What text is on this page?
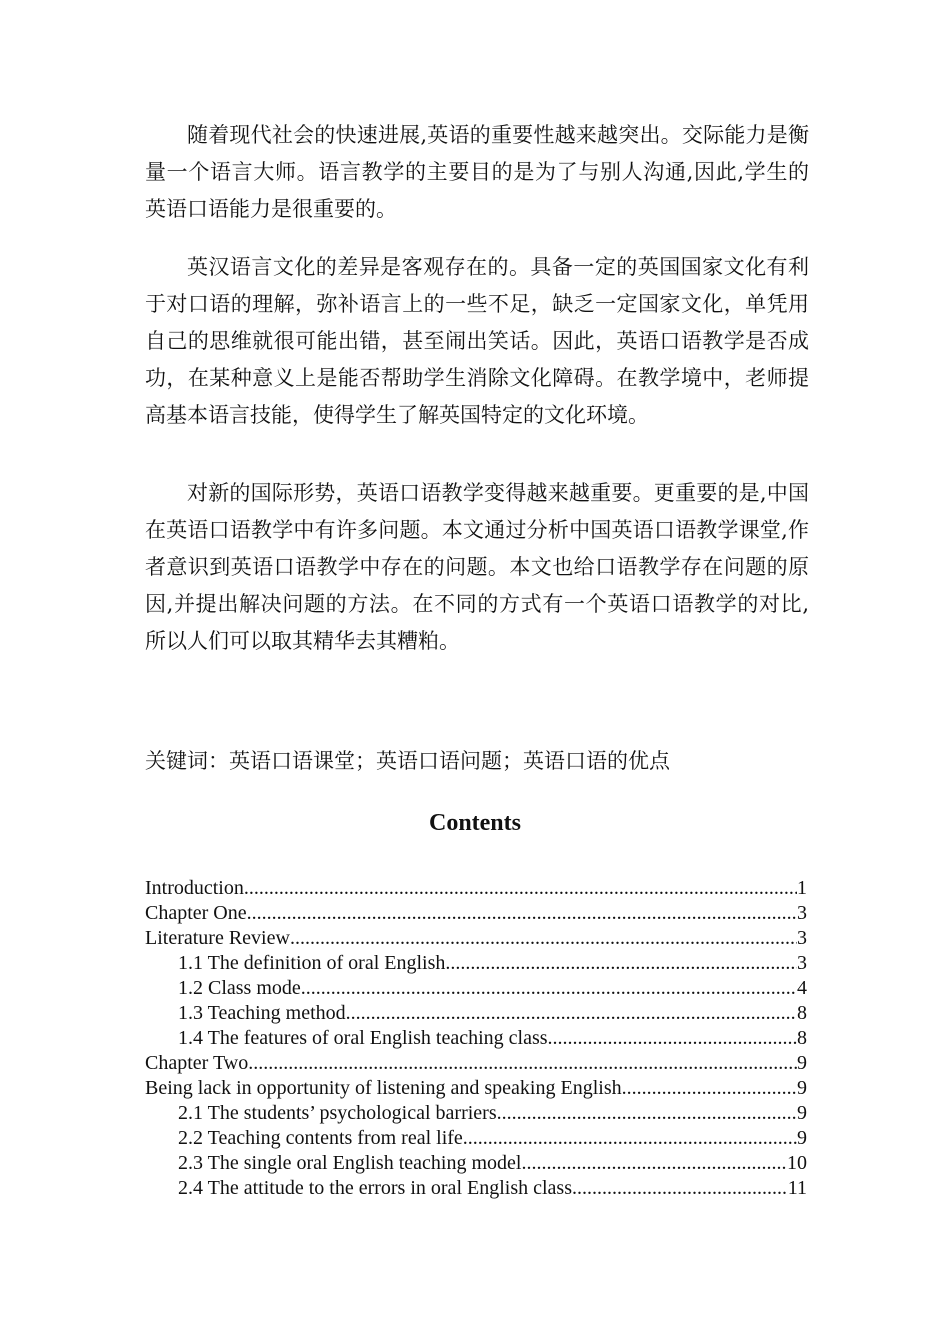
随着现代社会的快速进展,英语的重要性越来越突出。交际能力是衡量一个语言大师。语言教学的主要目的是为了与别人沟通,因此,学生的英语口语能力是很重要的。

英汉语言文化的差异是客观存在的。具备一定的英国国家文化有利于对口语的理解，弥补语言上的一些不足，缺乏一定国家文化，单凭用自己的思维就很可能出错，甚至闹出笑话。因此，英语口语教学是否成功，在某种意义上是能否帮助学生消除文化障碍。在教学境中，老师提高基本语言技能，使得学生了解英国特定的文化环境。

对新的国际形势，英语口语教学变得越来越重要。更重要的是,中国在英语口语教学中有许多问题。本文通过分析中国英语口语教学课堂,作者意识到英语口语教学中存在的问题。本文也给口语教学存在问题的原因,并提出解决问题的方法。在不同的方式有一个英语口语教学的对比,所以人们可以取其精华去其糟粕。

关键词：英语口语课堂；英语口语问题；英语口语的优点

Contents
Introduction .....	1
Chapter One .....	3
Literature Review .....	3
1.1 The definition of oral English .....	3
1.2 Class mode .....	4
1.3 Teaching method .....	8
1.4 The features of oral English teaching class .....	8
Chapter Two .....	9
Being lack in opportunity of listening and speaking English .....	9
2.1 The students’ psychological barriers .....	9
2.2 Teaching contents from real life .....	9
2.3 The single oral English teaching model .....	10
2.4 The attitude to the errors in oral English class .....	11
